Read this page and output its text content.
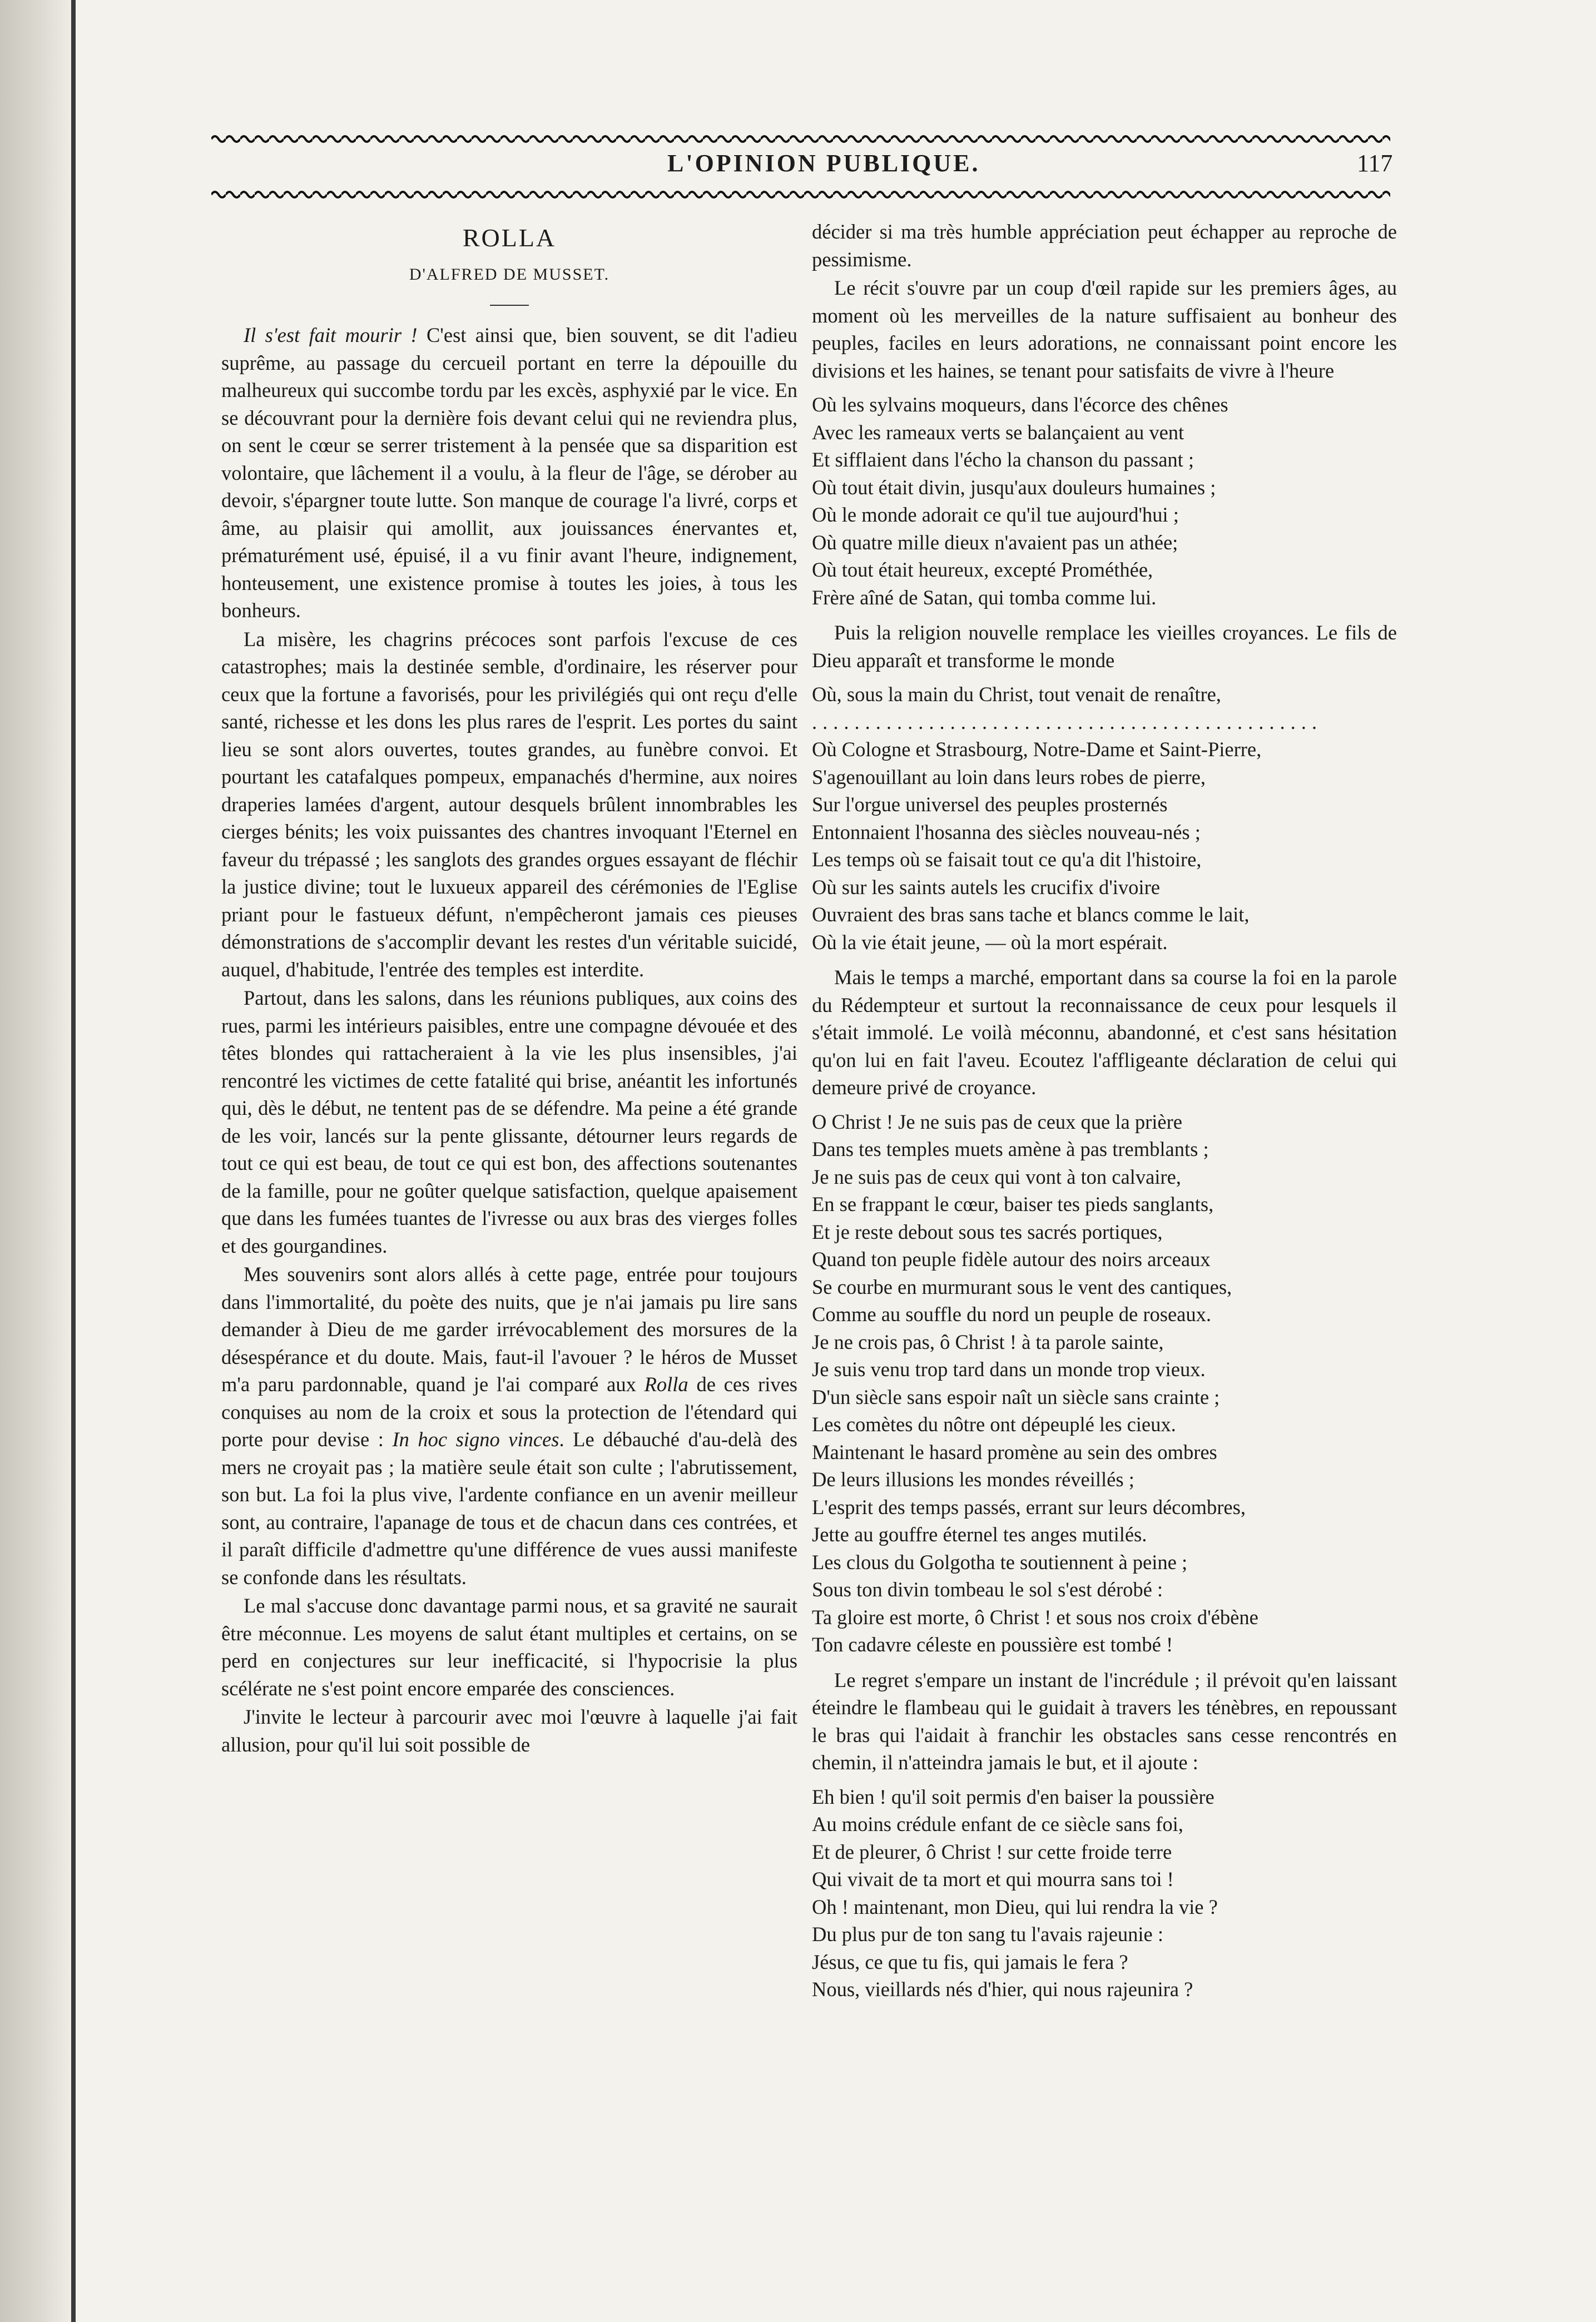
L'OPINION PUBLIQUE.	117
ROLLA
D'ALFRED DE MUSSET.

Il s'est fait mourir ! C'est ainsi que, bien souvent, se dit l'adieu suprême, au passage du cercueil portant en terre la dépouille du malheureux qui succombe tordu par les excès, asphyxié par le vice. En se découvrant pour la dernière fois devant celui qui ne reviendra plus, on sent le cœur se serrer tristement à la pensée que sa disparition est volontaire, que lâchement il a voulu, à la fleur de l'âge, se dérober au devoir, s'épargner toute lutte. Son manque de courage l'a livré, corps et âme, au plaisir qui amollit, aux jouissances énervantes et, prématurément usé, épuisé, il a vu finir avant l'heure, indignement, honteusement, une existence promise à toutes les joies, à tous les bonheurs.

La misère, les chagrins précoces sont parfois l'excuse de ces catastrophes; mais la destinée semble, d'ordinaire, les réserver pour ceux que la fortune a favorisés, pour les privilégiés qui ont reçu d'elle santé, richesse et les dons les plus rares de l'esprit. Les portes du saint lieu se sont alors ouvertes, toutes grandes, au funèbre convoi. Et pourtant les catafalques pompeux, empanachés d'hermine, aux noires draperies lamées d'argent, autour desquels brûlent innombrables les cierges bénits; les voix puissantes des chantres invoquant l'Eternel en faveur du trépassé ; les sanglots des grandes orgues essayant de fléchir la justice divine; tout le luxueux appareil des cérémonies de l'Eglise priant pour le fastueux défunt, n'empêcheront jamais ces pieuses démonstrations de s'accomplir devant les restes d'un véritable suicidé, auquel, d'habitude, l'entrée des temples est interdite.

Partout, dans les salons, dans les réunions publiques, aux coins des rues, parmi les intérieurs paisibles, entre une compagne dévouée et des têtes blondes qui rattacheraient à la vie les plus insensibles, j'ai rencontré les victimes de cette fatalité qui brise, anéantit les infortunés qui, dès le début, ne tentent pas de se défendre. Ma peine a été grande de les voir, lancés sur la pente glissante, détourner leurs regards de tout ce qui est beau, de tout ce qui est bon, des affections soutenantes de la famille, pour ne goûter quelque satisfaction, quelque apaisement que dans les fumées tuantes de l'ivresse ou aux bras des vierges folles et des gourgandines.

Mes souvenirs sont alors allés à cette page, entrée pour toujours dans l'immortalité, du poète des nuits, que je n'ai jamais pu lire sans demander à Dieu de me garder irrévocablement des morsures de la désespérance et du doute. Mais, faut-il l'avouer ? le héros de Musset m'a paru pardonnable, quand je l'ai comparé aux Rolla de ces rives conquises au nom de la croix et sous la protection de l'étendard qui porte pour devise : In hoc signo vinces. Le débauché d'au-delà des mers ne croyait pas ; la matière seule était son culte ; l'abrutissement, son but. La foi la plus vive, l'ardente confiance en un avenir meilleur sont, au contraire, l'apanage de tous et de chacun dans ces contrées, et il paraît difficile d'admettre qu'une différence de vues aussi manifeste se confonde dans les résultats.

Le mal s'accuse donc davantage parmi nous, et sa gravité ne saurait être méconnue. Les moyens de salut étant multiples et certains, on se perd en conjectures sur leur inefficacité, si l'hypocrisie la plus scélérate ne s'est point encore emparée des consciences.

J'invite le lecteur à parcourir avec moi l'œuvre à laquelle j'ai fait allusion, pour qu'il lui soit possible de

décider si ma très humble appréciation peut échapper au reproche de pessimisme.

Le récit s'ouvre par un coup d'œil rapide sur les premiers âges, au moment où les merveilles de la nature suffisaient au bonheur des peuples, faciles en leurs adorations, ne connaissant point encore les divisions et les haines, se tenant pour satisfaits de vivre à l'heure

Où les sylvains moqueurs, dans l'écorce des chênes
Avec les rameaux verts se balançaient au vent
Et sifflaient dans l'écho la chanson du passant ;
Où tout était divin, jusqu'aux douleurs humaines ;
Où le monde adorait ce qu'il tue aujourd'hui ;
Où quatre mille dieux n'avaient pas un athée;
Où tout était heureux, excepté Prométhée,
Frère aîné de Satan, qui tomba comme lui.

Puis la religion nouvelle remplace les vieilles croyances. Le fils de Dieu apparaît et transforme le monde

Où, sous la main du Christ, tout venait de renaître,
................................................
Où Cologne et Strasbourg, Notre-Dame et Saint-Pierre,
S'agenouillant au loin dans leurs robes de pierre,
Sur l'orgue universel des peuples prosternés
Entonnaient l'hosanna des siècles nouveau-nés ;
Les temps où se faisait tout ce qu'a dit l'histoire,
Où sur les saints autels les crucifix d'ivoire
Ouvraient des bras sans tache et blancs comme le lait,
Où la vie était jeune, — où la mort espérait.

Mais le temps a marché, emportant dans sa course la foi en la parole du Rédempteur et surtout la reconnaissance de ceux pour lesquels il s'était immolé. Le voilà méconnu, abandonné, et c'est sans hésitation qu'on lui en fait l'aveu. Ecoutez l'affligeante déclaration de celui qui demeure privé de croyance.

O Christ ! Je ne suis pas de ceux que la prière
Dans tes temples muets amène à pas tremblants ;
Je ne suis pas de ceux qui vont à ton calvaire,
En se frappant le cœur, baiser tes pieds sanglants,
Et je reste debout sous tes sacrés portiques,
Quand ton peuple fidèle autour des noirs arceaux
Se courbe en murmurant sous le vent des cantiques,
Comme au souffle du nord un peuple de roseaux.
Je ne crois pas, ô Christ ! à ta parole sainte,
Je suis venu trop tard dans un monde trop vieux.
D'un siècle sans espoir naît un siècle sans crainte ;
Les comètes du nôtre ont dépeuplé les cieux.
Maintenant le hasard promène au sein des ombres
De leurs illusions les mondes réveillés ;
L'esprit des temps passés, errant sur leurs décombres,
Jette au gouffre éternel tes anges mutilés.
Les clous du Golgotha te soutiennent à peine ;
Sous ton divin tombeau le sol s'est dérobé :
Ta gloire est morte, ô Christ ! et sous nos croix d'ébène
Ton cadavre céleste en poussière est tombé !

Le regret s'empare un instant de l'incrédule ; il prévoit qu'en laissant éteindre le flambeau qui le guidait à travers les ténèbres, en repoussant le bras qui l'aidait à franchir les obstacles sans cesse rencontrés en chemin, il n'atteindra jamais le but, et il ajoute :

Eh bien ! qu'il soit permis d'en baiser la poussière
Au moins crédule enfant de ce siècle sans foi,
Et de pleurer, ô Christ ! sur cette froide terre
Qui vivait de ta mort et qui mourra sans toi !
Oh ! maintenant, mon Dieu, qui lui rendra la vie ?
Du plus pur de ton sang tu l'avais rajeunie :
Jésus, ce que tu fis, qui jamais le fera ?
Nous, vieillards nés d'hier, qui nous rajeunira ?
